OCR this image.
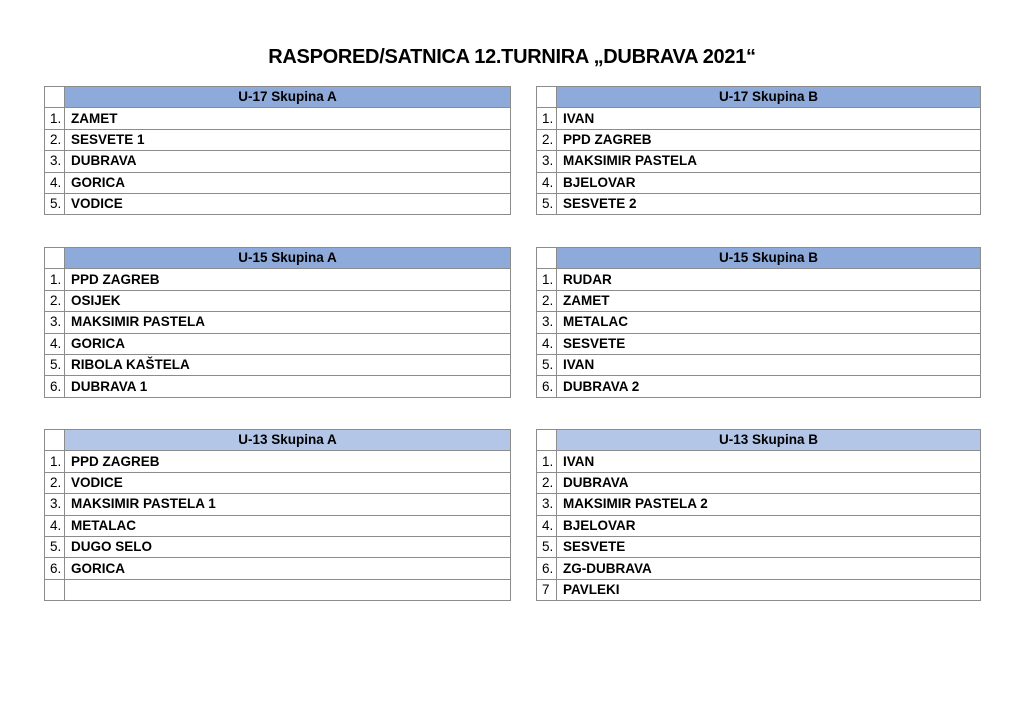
RASPORED/SATNICA 12.TURNIRA „DUBRAVA 2021“
	U-17 Skupina A
1.	ZAMET
2.	SESVETE 1
3.	DUBRAVA
4.	GORICA
5.	VODICE
	U-17 Skupina B
1.	IVAN
2.	PPD ZAGREB
3.	MAKSIMIR PASTELA
4.	BJELOVAR
5.	SESVETE 2
	U-15 Skupina A
1.	PPD ZAGREB
2.	OSIJEK
3.	MAKSIMIR PASTELA
4.	GORICA
5.	RIBOLA KAŠTELA
6.	DUBRAVA 1
	U-15 Skupina B
1.	RUDAR
2.	ZAMET
3.	METALAC
4.	SESVETE
5.	IVAN
6.	DUBRAVA 2
	U-13 Skupina A
1.	PPD ZAGREB
2.	VODICE
3.	MAKSIMIR PASTELA 1
4.	METALAC
5.	DUGO SELO
6.	GORICA

	U-13 Skupina B
1.	IVAN
2.	DUBRAVA
3.	MAKSIMIR PASTELA 2
4.	BJELOVAR
5.	SESVETE
6.	ZG-DUBRAVA
7	PAVLEKI
